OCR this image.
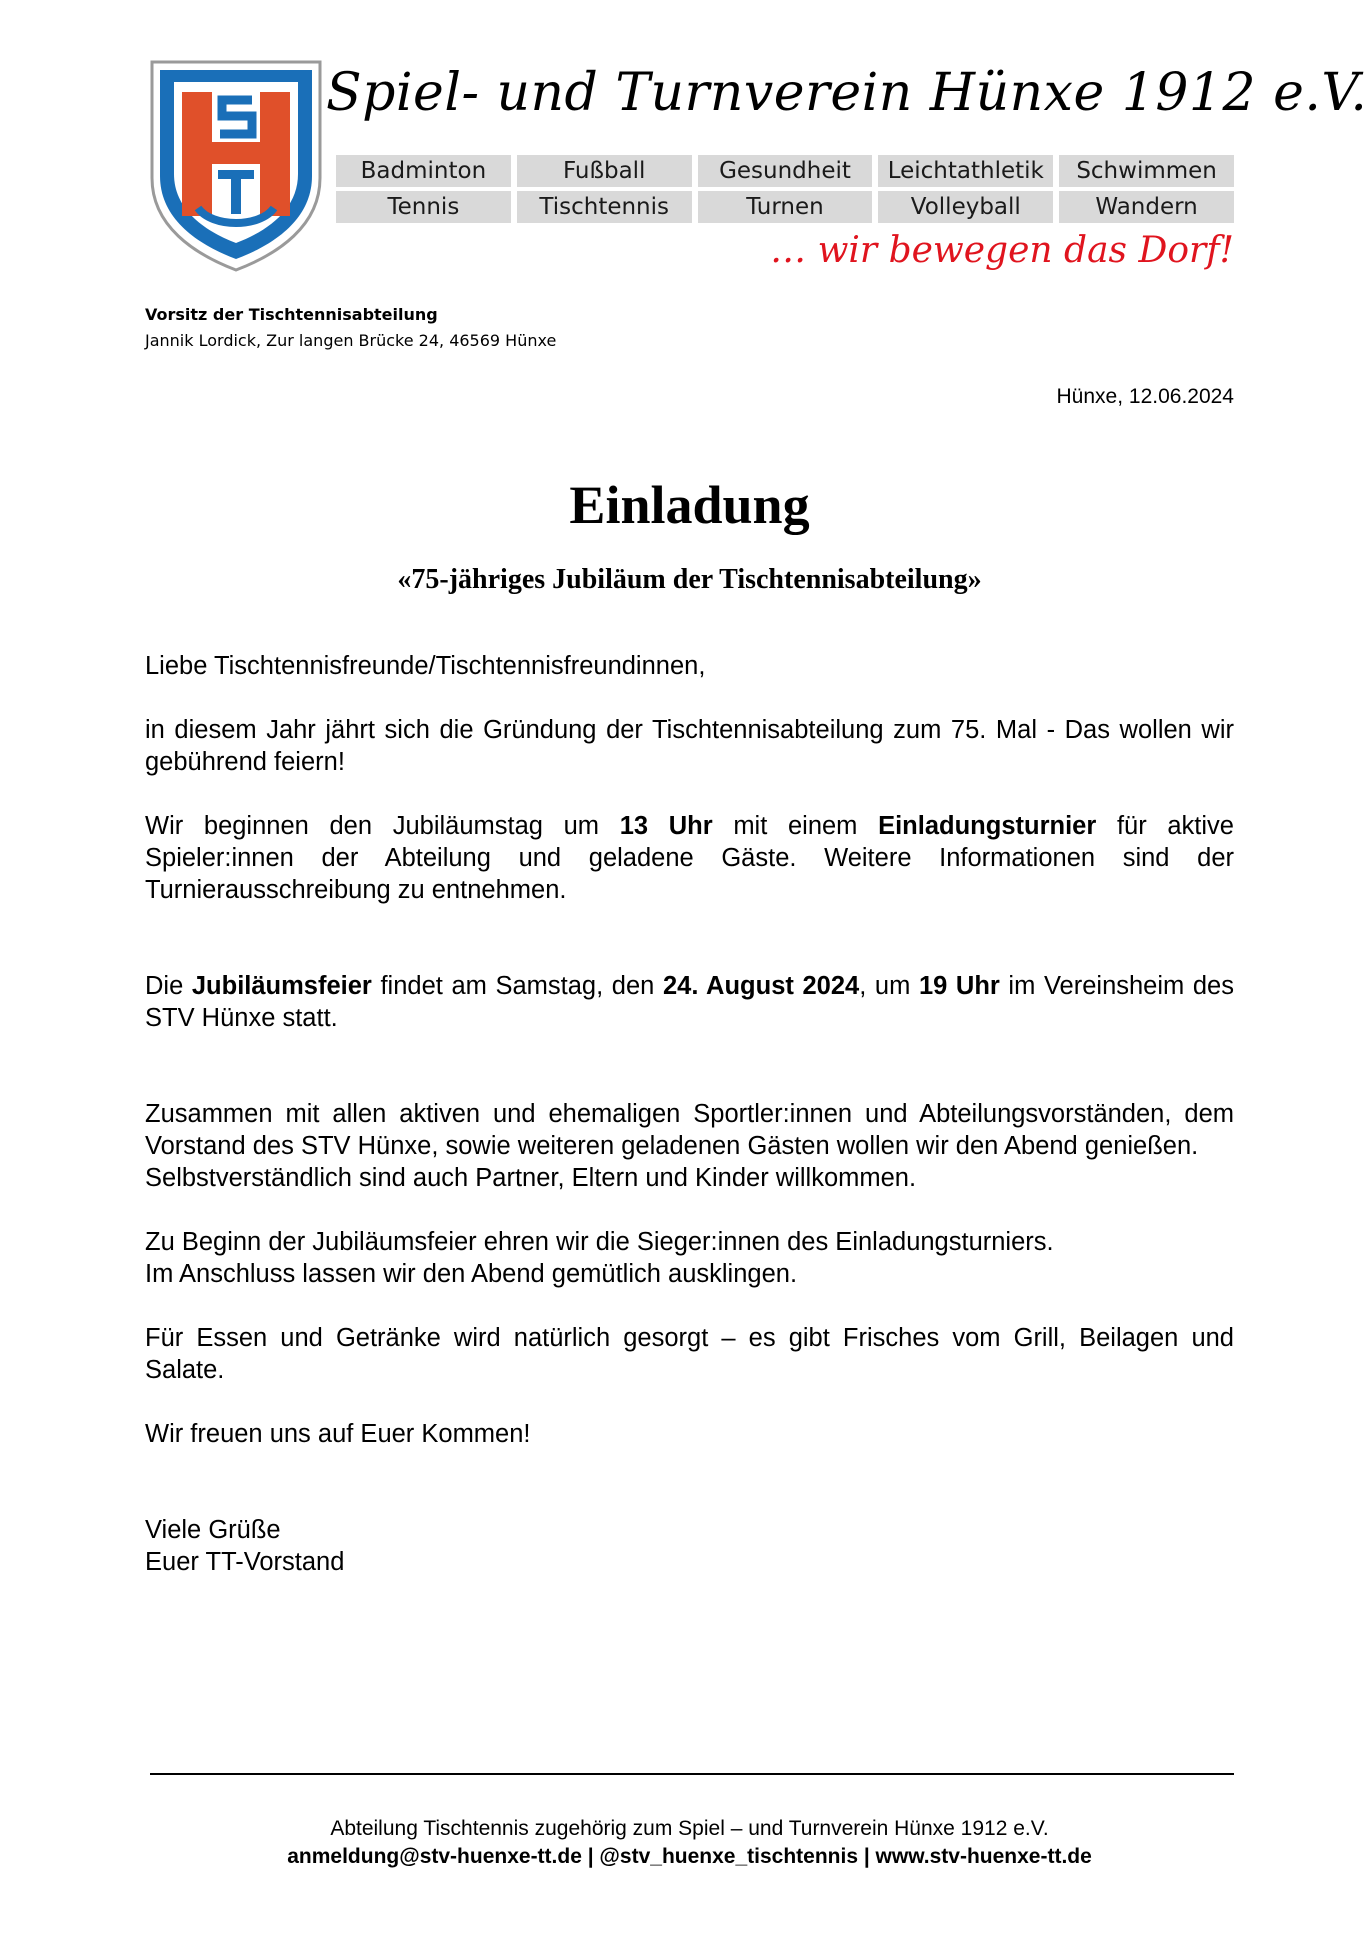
Spiel- und Turnverein Hünxe 1912 e.V.
Badminton	Fußball	Gesundheit	Leichtathletik	Schwimmen
Tennis	Tischtennis	Turnen	Volleyball	Wandern
… wir bewegen das Dorf!
Vorsitz der Tischtennisabteilung
Jannik Lordick, Zur langen Brücke 24, 46569 Hünxe
Hünxe, 12.06.2024
Einladung
«75-jähriges Jubiläum der Tischtennisabteilung»

Liebe Tischtennisfreunde/Tischtennisfreundinnen,

in diesem Jahr jährt sich die Gründung der Tischtennisabteilung zum 75. Mal - Das wollen wir gebührend feiern!

Wir beginnen den Jubiläumstag um 13 Uhr mit einem Einladungsturnier für aktive Spieler:innen der Abteilung und geladene Gäste. Weitere Informationen sind der Turnierausschreibung zu entnehmen.

Die Jubiläumsfeier findet am Samstag, den 24. August 2024, um 19 Uhr im Vereinsheim des STV Hünxe statt.

Zusammen mit allen aktiven und ehemaligen Sportler:innen und Abteilungsvorständen, dem Vorstand des STV Hünxe, sowie weiteren geladenen Gästen wollen wir den Abend genießen.

Selbstverständlich sind auch Partner, Eltern und Kinder willkommen.

Zu Beginn der Jubiläumsfeier ehren wir die Sieger:innen des Einladungsturniers.

Im Anschluss lassen wir den Abend gemütlich ausklingen.

Für Essen und Getränke wird natürlich gesorgt – es gibt Frisches vom Grill, Beilagen und Salate.

Wir freuen uns auf Euer Kommen!

Viele Grüße

Euer TT-Vorstand

Abteilung Tischtennis zugehörig zum Spiel – und Turnverein Hünxe 1912 e.V.
anmeldung@stv-huenxe-tt.de | @stv_huenxe_tischtennis | www.stv-huenxe-tt.de
